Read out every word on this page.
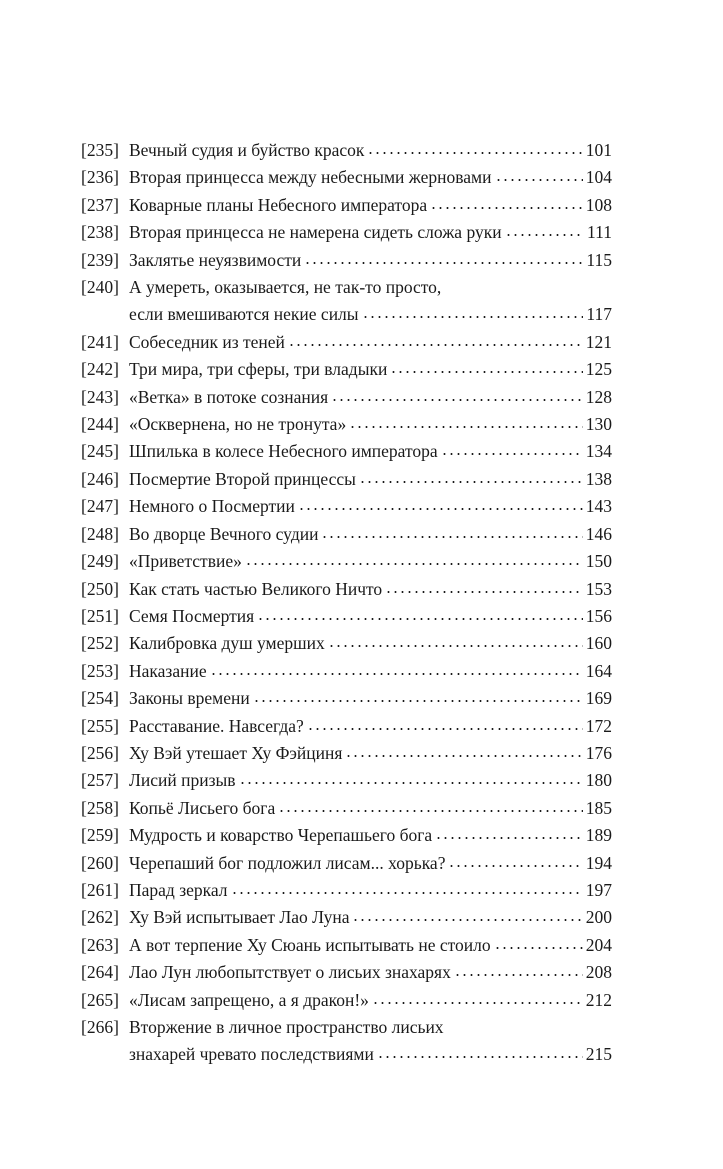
[235] Вечный судия и буйство красок	101
[236] Вторая принцесса между небесными жерновами	104
[237] Коварные планы Небесного императора	108
[238] Вторая принцесса не намерена сидеть сложа руки	111
[239] Заклятье неуязвимости	115
[240] А умереть, оказывается, не так-то просто,
если вмешиваются некие силы	117
[241] Собеседник из теней	121
[242] Три мира, три сферы, три владыки	125
[243] «Ветка» в потоке сознания	128
[244] «Осквернена, но не тронута»	130
[245] Шпилька в колесе Небесного императора	134
[246] Посмертие Второй принцессы	138
[247] Немного о Посмертии	143
[248] Во дворце Вечного судии	146
[249] «Приветствие»	150
[250] Как стать частью Великого Ничто	153
[251] Семя Посмертия	156
[252] Калибровка душ умерших	160
[253] Наказание	164
[254] Законы времени	169
[255] Расставание. Навсегда?	172
[256] Ху Вэй утешает Ху Фэйциня	176
[257] Лисий призыв	180
[258] Копьё Лисьего бога	185
[259] Мудрость и коварство Черепашьего бога	189
[260] Черепаший бог подложил лисам... хорька?	194
[261] Парад зеркал	197
[262] Ху Вэй испытывает Лао Луна	200
[263] А вот терпение Ху Сюань испытывать не стоило	204
[264] Лао Лун любопытствует о лисьих знахарях	208
[265] «Лисам запрещено, а я дракон!»	212
[266] Вторжение в личное пространство лисьих
знахарей чревато последствиями	215
